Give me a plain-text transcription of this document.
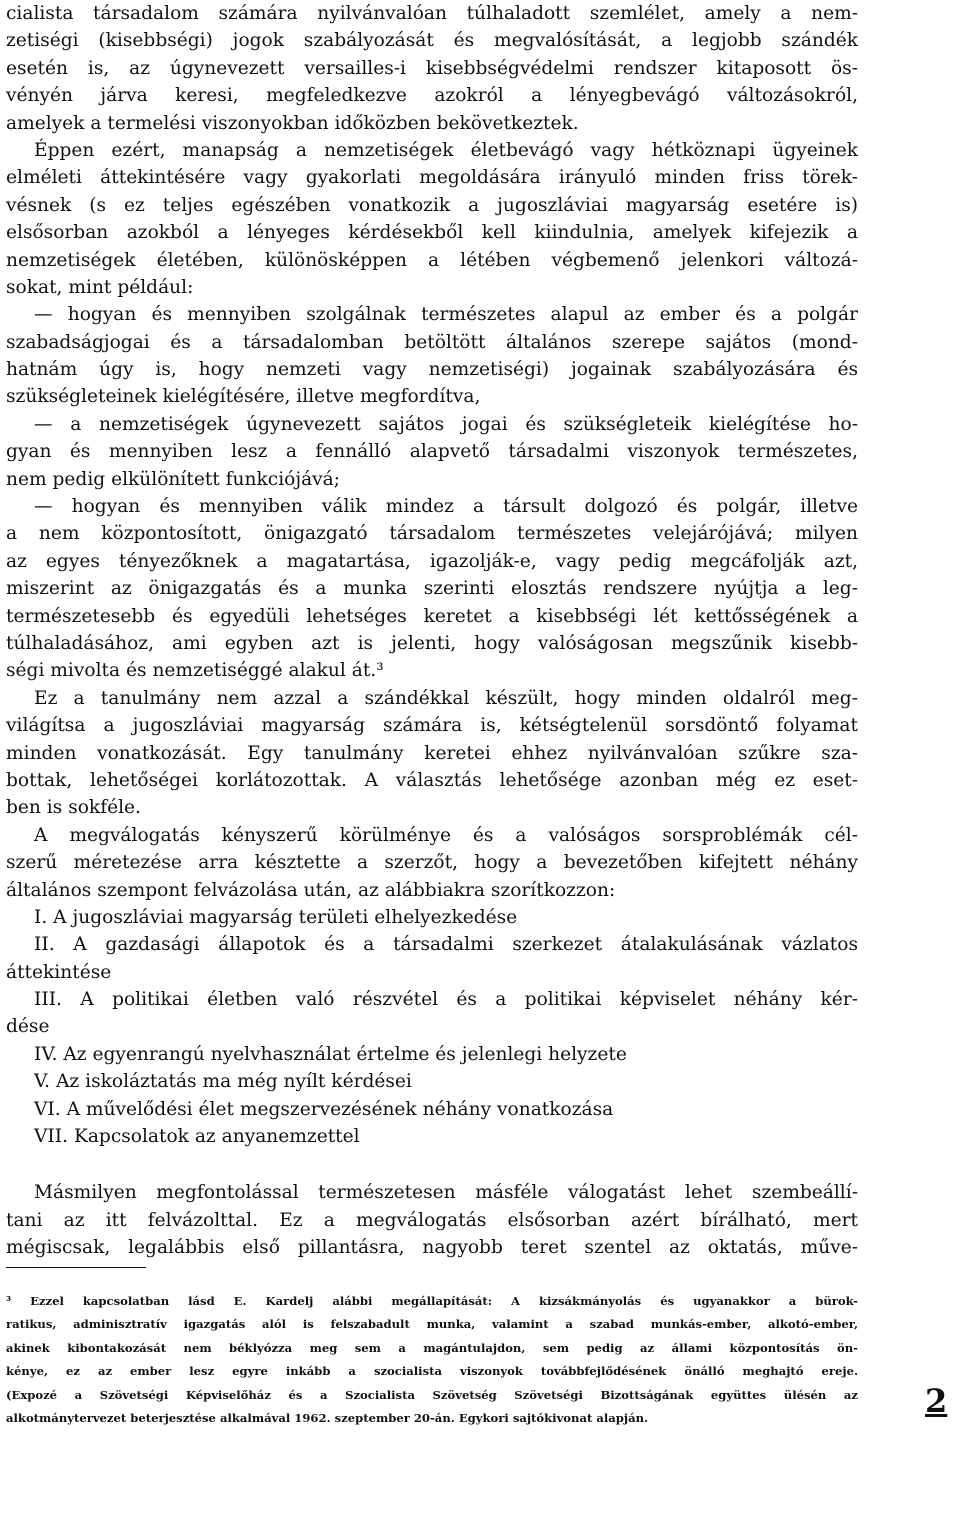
cialista társadalom számára nyilvánvalóan túlhaladott szemlélet, amely a nem-
zetiségi (kisebbségi) jogok szabályozását és megvalósítását, a legjobb szándék
esetén is, az úgynevezett versailles-i kisebbségvédelmi rendszer kitaposott ös-
vényén járva keresi, megfeledkezve azokról a lényegbevágó változásokról,
amelyek a termelési viszonyokban időközben bekövetkeztek.
Éppen ezért, manapság a nemzetiségek életbevágó vagy hétköznapi ügyeinek
elméleti áttekintésére vagy gyakorlati megoldására irányuló minden friss törek-
vésnek (s ez teljes egészében vonatkozik a jugoszláviai magyarság esetére is)
elsősorban azokból a lényeges kérdésekből kell kiindulnia, amelyek kifejezik a
nemzetiségek életében, különösképpen a létében végbemenő jelenkori változá-
sokat, mint például:
— hogyan és mennyiben szolgálnak természetes alapul az ember és a polgár
szabadságjogai és a társadalomban betöltött általános szerepe sajátos (mond-
hatnám úgy is, hogy nemzeti vagy nemzetiségi) jogainak szabályozására és
szükségleteinek kielégítésére, illetve megfordítva,
— a nemzetiségek úgynevezett sajátos jogai és szükségleteik kielégítése ho-
gyan és mennyiben lesz a fennálló alapvető társadalmi viszonyok természetes,
nem pedig elkülönített funkciójává;
— hogyan és mennyiben válik mindez a társult dolgozó és polgár, illetve
a nem központosított, önigazgató társadalom természetes velejárójává; milyen
az egyes tényezőknek a magatartása, igazolják-e, vagy pedig megcáfolják azt,
miszerint az önigazgatás és a munka szerinti elosztás rendszere nyújtja a leg-
természetesebb és egyedüli lehetséges keretet a kisebbségi lét kettősségének a
túlhaladásához, ami egyben azt is jelenti, hogy valóságosan megszűnik kisebb-
ségi mivolta és nemzetiséggé alakul át.³
Ez a tanulmány nem azzal a szándékkal készült, hogy minden oldalról meg-
világítsa a jugoszláviai magyarság számára is, kétségtelenül sorsdöntő folyamat
minden vonatkozását. Egy tanulmány keretei ehhez nyilvánvalóan szűkre sza-
bottak, lehetőségei korlátozottak. A választás lehetősége azonban még ez eset-
ben is sokféle.
A megválogatás kényszerű körülménye és a valóságos sorsproblémák cél-
szerű méretezése arra késztette a szerzőt, hogy a bevezetőben kifejtett néhány
általános szempont felvázolása után, az alábbiakra szorítkozzon:
I. A jugoszláviai magyarság területi elhelyezkedése
II. A gazdasági állapotok és a társadalmi szerkezet átalakulásának vázlatos
áttekintése
III. A politikai életben való részvétel és a politikai képviselet néhány kér-
dése
IV. Az egyenrangú nyelvhasználat értelme és jelenlegi helyzete
V. Az iskoláztatás ma még nyílt kérdései
VI. A művelődési élet megszervezésének néhány vonatkozása
VII. Kapcsolatok az anyanemzettel
Másmilyen megfontolással természetesen másféle válogatást lehet szembeállí-
tani az itt felvázolttal. Ez a megválogatás elsősorban azért bírálható, mert
mégiscsak, legalábbis első pillantásra, nagyobb teret szentel az oktatás, műve-
³ Ezzel kapcsolatban lásd E. Kardelj alábbi megállapítását: A kizsákmányolás és ugyanakkor a bürok-
ratikus, adminisztratív igazgatás alól is felszabadult munka, valamint a szabad munkás-ember, alkotó-ember,
akinek kibontakozását nem béklyózza meg sem a magántulajdon, sem pedig az állami központosítás ön-
kénye, ez az ember lesz egyre inkább a szocialista viszonyok továbbfejlődésének önálló meghajtó ereje.
(Expozé a Szövetségi Képviselőház és a Szocialista Szövetség Szövetségi Bizottságának együttes ülésén az
alkotmánytervezet beterjesztése alkalmával 1962. szeptember 20-án. Egykori sajtókivonat alapján.	2
